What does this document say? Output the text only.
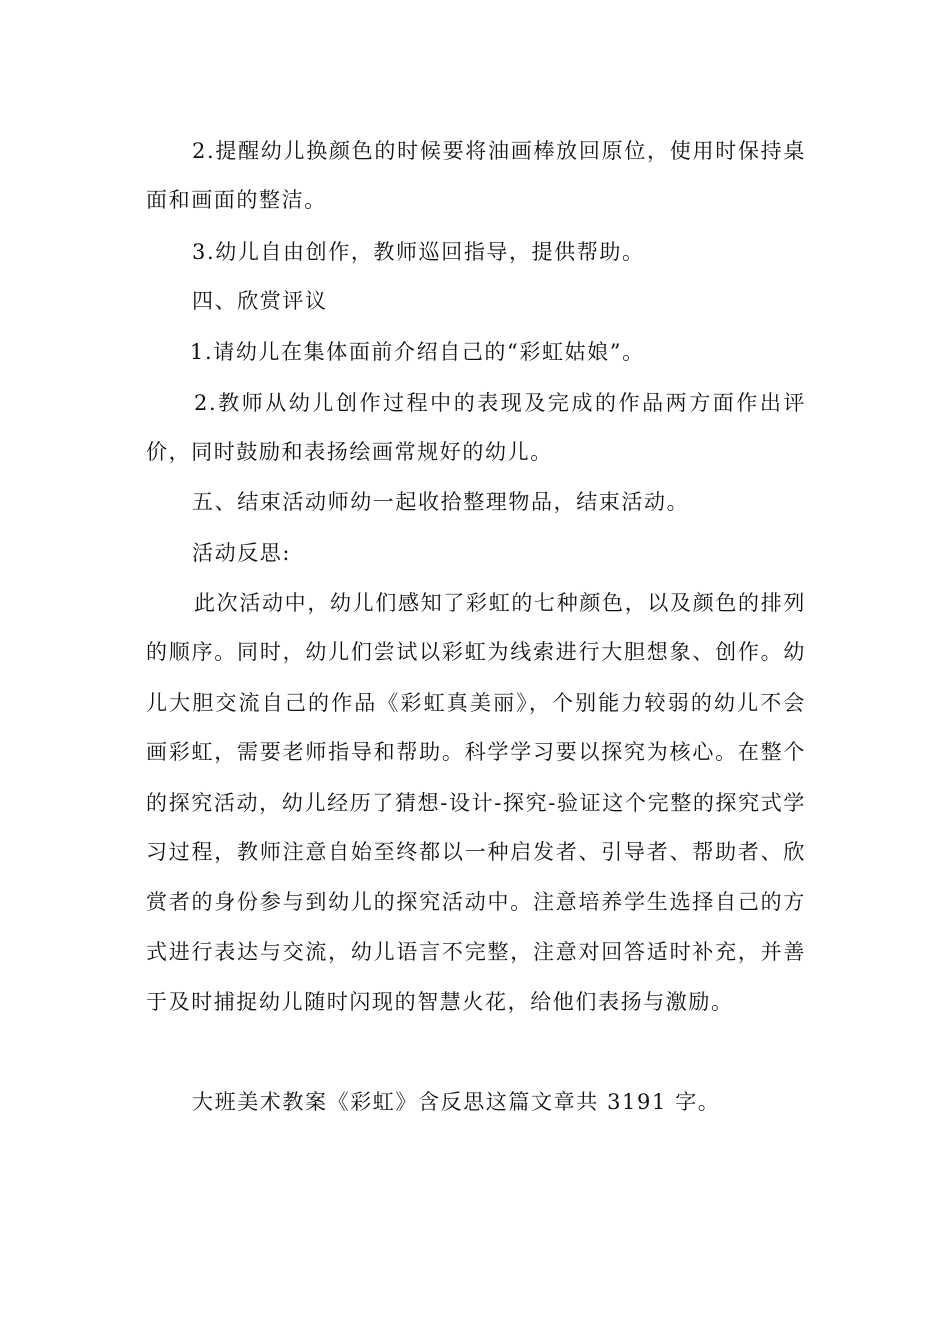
2.提醒幼儿换颜色的时候要将油画棒放回原位，使用时保持桌
面和画面的整洁。
3.幼儿自由创作，教师巡回指导，提供帮助。
四、欣赏评议
1.请幼儿在集体面前介绍自己的“彩虹姑娘”。
2.教师从幼儿创作过程中的表现及完成的作品两方面作出评
价，同时鼓励和表扬绘画常规好的幼儿。
五、结束活动师幼一起收拾整理物品，结束活动。
活动反思:
此次活动中，幼儿们感知了彩虹的七种颜色，以及颜色的排列
的顺序。同时，幼儿们尝试以彩虹为线索进行大胆想象、创作。幼
儿大胆交流自己的作品《彩虹真美丽》，个别能力较弱的幼儿不会
画彩虹，需要老师指导和帮助。科学学习要以探究为核心。在整个
的探究活动，幼儿经历了猜想-设计-探究-验证这个完整的探究式学
习过程，教师注意自始至终都以一种启发者、引导者、帮助者、欣
赏者的身份参与到幼儿的探究活动中。注意培养学生选择自己的方
式进行表达与交流，幼儿语言不完整，注意对回答适时补充，并善
于及时捕捉幼儿随时闪现的智慧火花，给他们表扬与激励。
大班美术教案《彩虹》含反思这篇文章共 3191 字。
